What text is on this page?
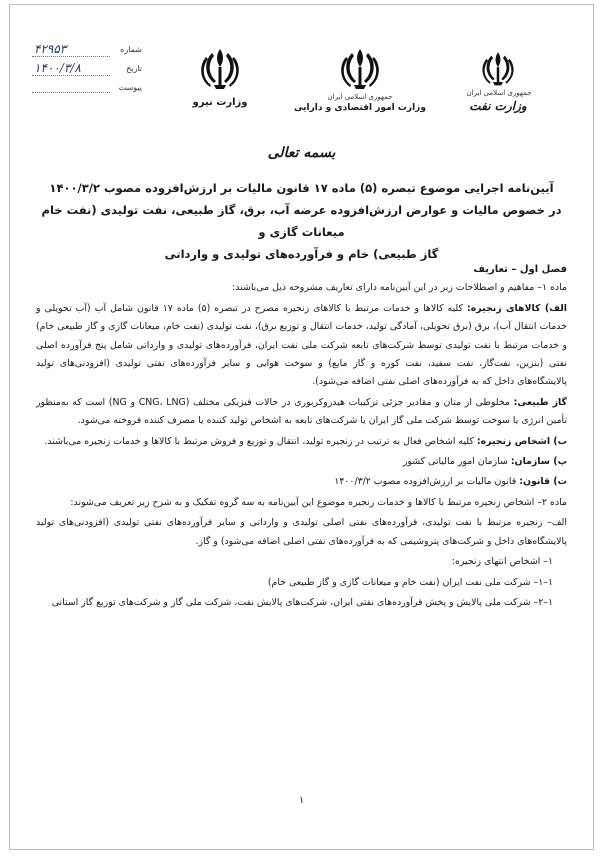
شماره
۴۲۹۵۳
تاریخ
۱۴۰۰/۳/۸
پیوست
وزارت نیرو	جمهوری اسلامی ایران
وزارت امور اقتصادی و دارایی
جمهوری اسلامی ایران
وزارت نفت
بسمه تعالی
آیین‌نامه اجرایی موضوع تبصره (۵) ماده ۱۷ قانون مالیات بر ارزش‌افزوده مصوب ۱۴۰۰/۳/۲
در خصوص مالیات و عوارض ارزش‌افزوده عرضه آب، برق، گاز طبیعی، نفت تولیدی (نفت خام میعانات گازی و
گاز طبیعی) خام و فرآورده‌های تولیدی و وارداتی

فصل اول – تعاریف

ماده ۱– مفاهیم و اصطلاحات زیر در این آیین‌نامه دارای تعاریف مشروحه ذیل می‌باشند:

الف) کالاهای زنجیره: کلیه کالاها و خدمات مرتبط با کالاهای زنجیره مصرح در تبصره (۵) ماده ۱۷ قانون شامل آب (آب تحویلی و خدمات انتقال آب)، برق (برق تحویلی، آمادگی تولید، خدمات انتقال و توزیع برق)، نفت تولیدی (نفت خام، میعانات گازی و گاز طبیعی خام) و خدمات مرتبط با نفت تولیدی توسط شرکت‌های تابعه شرکت ملی نفت ایران، فرآورده‌های تولیدی و وارداتی شامل پنج فرآورده اصلی نفتی (بنزین، نفت‌گاز، نفت سفید، نفت کوره و گاز مایع) و سوخت هوایی و سایر فرآورده‌های نفتی تولیدی (افزودنی‌های تولید پالایشگاه‌های داخل که به فرآورده‌های اصلی نفتی اضافه می‌شود).

گاز طبیعی: مخلوطی از متان و مقادیر جزئی ترکیبات هیدروکربوری در حالات فیزیکی مختلف (CNG، LNG و NG) است که به‌منظور تأمین انرژی یا سوخت توسط شرکت ملی گاز ایران یا شرکت‌های تابعه به اشخاص تولید کننده یا مصرف کننده فروخته می‌شود.

ب) اشخاص زنجیره: کلیه اشخاص فعال به ترتیب در زنجیره تولید، انتقال و توزیع و فروش مرتبط با کالاها و خدمات زنجیره می‌باشند.

پ) سازمان: سازمان امور مالیاتی کشور

ت) قانون: قانون مالیات بر ارزش‌افزوده مصوب ۱۴۰۰/۳/۲

ماده ۲– اشخاص زنجیره مرتبط با کالاها و خدمات زنجیره موضوع این آیین‌نامه به سه گروه تفکیک و به شرح زیر تعریف می‌شوند:

الف– زنجیره مرتبط با نفت تولیدی، فرآورده‌های نفتی اصلی تولیدی و وارداتی و سایر فرآورده‌های نفتی تولیدی (افزودنی‌های تولید پالایشگاه‌های داخل و شرکت‌های پتروشیمی که به فرآورده‌های نفتی اصلی اضافه می‌شود) و گاز.

۱– اشخاص انتهای زنجیره:

۱–۱– شرکت ملی نفت ایران (نفت خام و میعانات گازی و گاز طبیعی خام)

۱–۲– شرکت ملی پالایش و پخش فرآورده‌های نفتی ایران، شرکت‌های پالایش نفت، شرکت ملی گاز و شرکت‌های توزیع گاز استانی

۱
